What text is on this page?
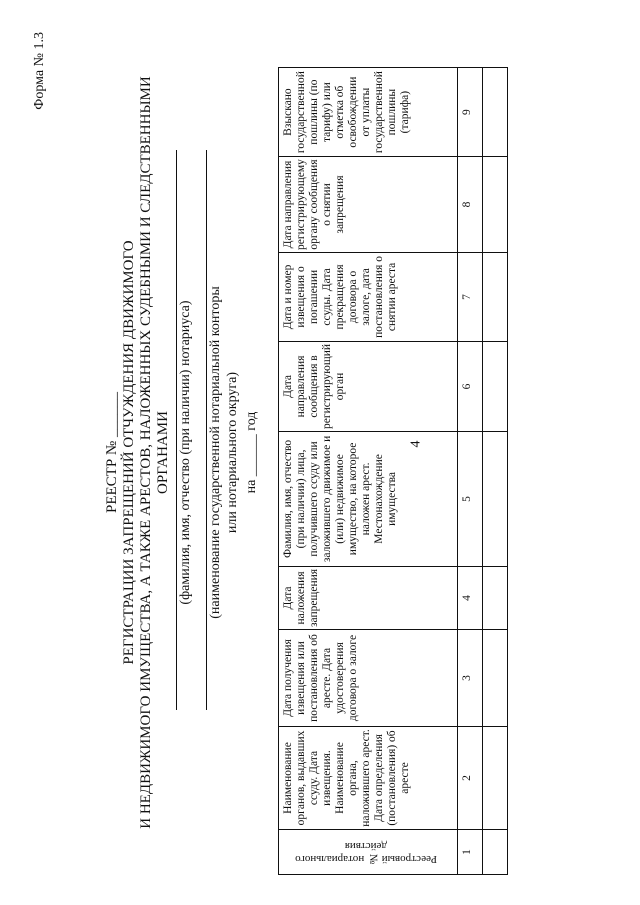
4
Форма № 1.3
РЕЕСТР № ______ РЕГИСТРАЦИИ ЗАПРЕЩЕНИЙ ОТЧУЖДЕНИЯ ДВИЖИМОГО И НЕДВИЖИМОГО ИМУЩЕСТВА, А ТАКЖЕ АРЕСТОВ, НАЛОЖЕННЫХ СУДЕБНЫМИ И СЛЕДСТВЕННЫМИ ОРГАНАМИ (фамилия, имя, отчество (при наличии) нотариуса) (наименование государственной нотариальной конторы или нотариального округа) на ______ год
Реестровый № нотариального действия	Наименование органов, выдавших ссуду. Дата извещения. Наименование органа, наложившего арест. Дата определения (постановления) об аресте	Дата получения извещения или постановления об аресте. Дата удостоверения договора о залоге	Дата наложения запрещения	Фамилия, имя, отчество (при наличии) лица, получившего ссуду или заложившего движимое и (или) недвижимое имущество, на которое наложен арест. Местонахождение имущества	Дата направления сообщения в регистрирующий орган	Дата и номер извещения о погашении ссуды. Дата прекращения договора о залоге, дата постановления о снятии ареста	Дата направления регистрирующему органу сообщения о снятии запрещения	Взыскано государственной пошлины (по тарифу) или отметка об освобождении от уплаты государственной пошлины (тарифа)
1	2	3	4	5	6	7	8	9
